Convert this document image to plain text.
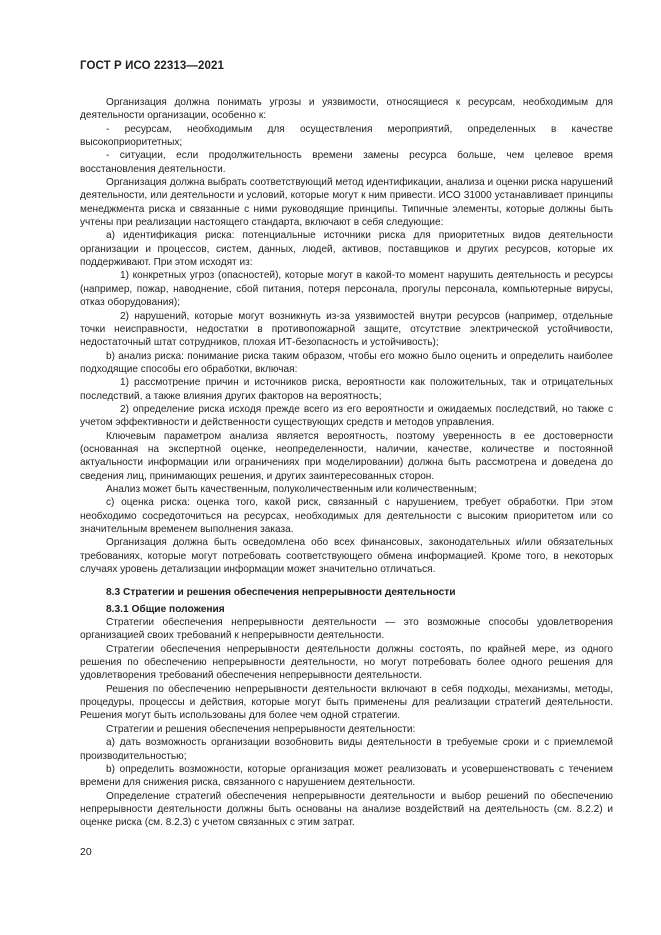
ГОСТ Р ИСО 22313—2021

Организация должна понимать угрозы и уязвимости, относящиеся к ресурсам, необходимым для деятельности организации, особенно к:

- ресурсам, необходимым для осуществления мероприятий, определенных в качестве высокоприоритетных;

- ситуации, если продолжительность времени замены ресурса больше, чем целевое время восстановления деятельности.

Организация должна выбрать соответствующий метод идентификации, анализа и оценки риска нарушений деятельности, или деятельности и условий, которые могут к ним привести. ИСО 31000 устанавливает принципы менеджмента риска и связанные с ними руководящие принципы. Типичные элементы, которые должны быть учтены при реализации настоящего стандарта, включают в себя следующие:

а) идентификация риска: потенциальные источники риска для приоритетных видов деятельности организации и процессов, систем, данных, людей, активов, поставщиков и других ресурсов, которые их поддерживают. При этом исходят из:

1) конкретных угроз (опасностей), которые могут в какой-то момент нарушить деятельность и ресурсы (например, пожар, наводнение, сбой питания, потеря персонала, прогулы персонала, компьютерные вирусы, отказ оборудования);

2) нарушений, которые могут возникнуть из-за уязвимостей внутри ресурсов (например, отдельные точки неисправности, недостатки в противопожарной защите, отсутствие электрической устойчивости, недостаточный штат сотрудников, плохая ИТ-безопасность и устойчивость);

b) анализ риска: понимание риска таким образом, чтобы его можно было оценить и определить наиболее подходящие способы его обработки, включая:

1) рассмотрение причин и источников риска, вероятности как положительных, так и отрицательных последствий, а также влияния других факторов на вероятность;

2) определение риска исходя прежде всего из его вероятности и ожидаемых последствий, но также с учетом эффективности и действенности существующих средств и методов управления.

Ключевым параметром анализа является вероятность, поэтому уверенность в ее достоверности (основанная на экспертной оценке, неопределенности, наличии, качестве, количестве и постоянной актуальности информации или ограничениях при моделировании) должна быть рассмотрена и доведена до сведения лиц, принимающих решения, и других заинтересованных сторон.

Анализ может быть качественным, полуколичественным или количественным;

с) оценка риска: оценка того, какой риск, связанный с нарушением, требует обработки. При этом необходимо сосредоточиться на ресурсах, необходимых для деятельности с высоким приоритетом или со значительным временем выполнения заказа.

Организация должна быть осведомлена обо всех финансовых, законодательных и/или обязательных требованиях, которые могут потребовать соответствующего обмена информацией. Кроме того, в некоторых случаях уровень детализации информации может значительно отличаться.

8.3 Стратегии и решения обеспечения непрерывности деятельности

8.3.1 Общие положения

Стратегии обеспечения непрерывности деятельности — это возможные способы удовлетворения организацией своих требований к непрерывности деятельности.

Стратегии обеспечения непрерывности деятельности должны состоять, по крайней мере, из одного решения по обеспечению непрерывности деятельности, но могут потребовать более одного решения для удовлетворения требований обеспечения непрерывности деятельности.

Решения по обеспечению непрерывности деятельности включают в себя подходы, механизмы, методы, процедуры, процессы и действия, которые могут быть применены для реализации стратегий деятельности. Решения могут быть использованы для более чем одной стратегии.

Стратегии и решения обеспечения непрерывности деятельности:

а) дать возможность организации возобновить виды деятельности в требуемые сроки и с приемлемой производительностью;

b) определить возможности, которые организация может реализовать и усовершенствовать с течением времени для снижения риска, связанного с нарушением деятельности.

Определение стратегий обеспечения непрерывности деятельности и выбор решений по обеспечению непрерывности деятельности должны быть основаны на анализе воздействий на деятельность (см. 8.2.2) и оценке риска (см. 8.2.3) с учетом связанных с этим затрат.

20
